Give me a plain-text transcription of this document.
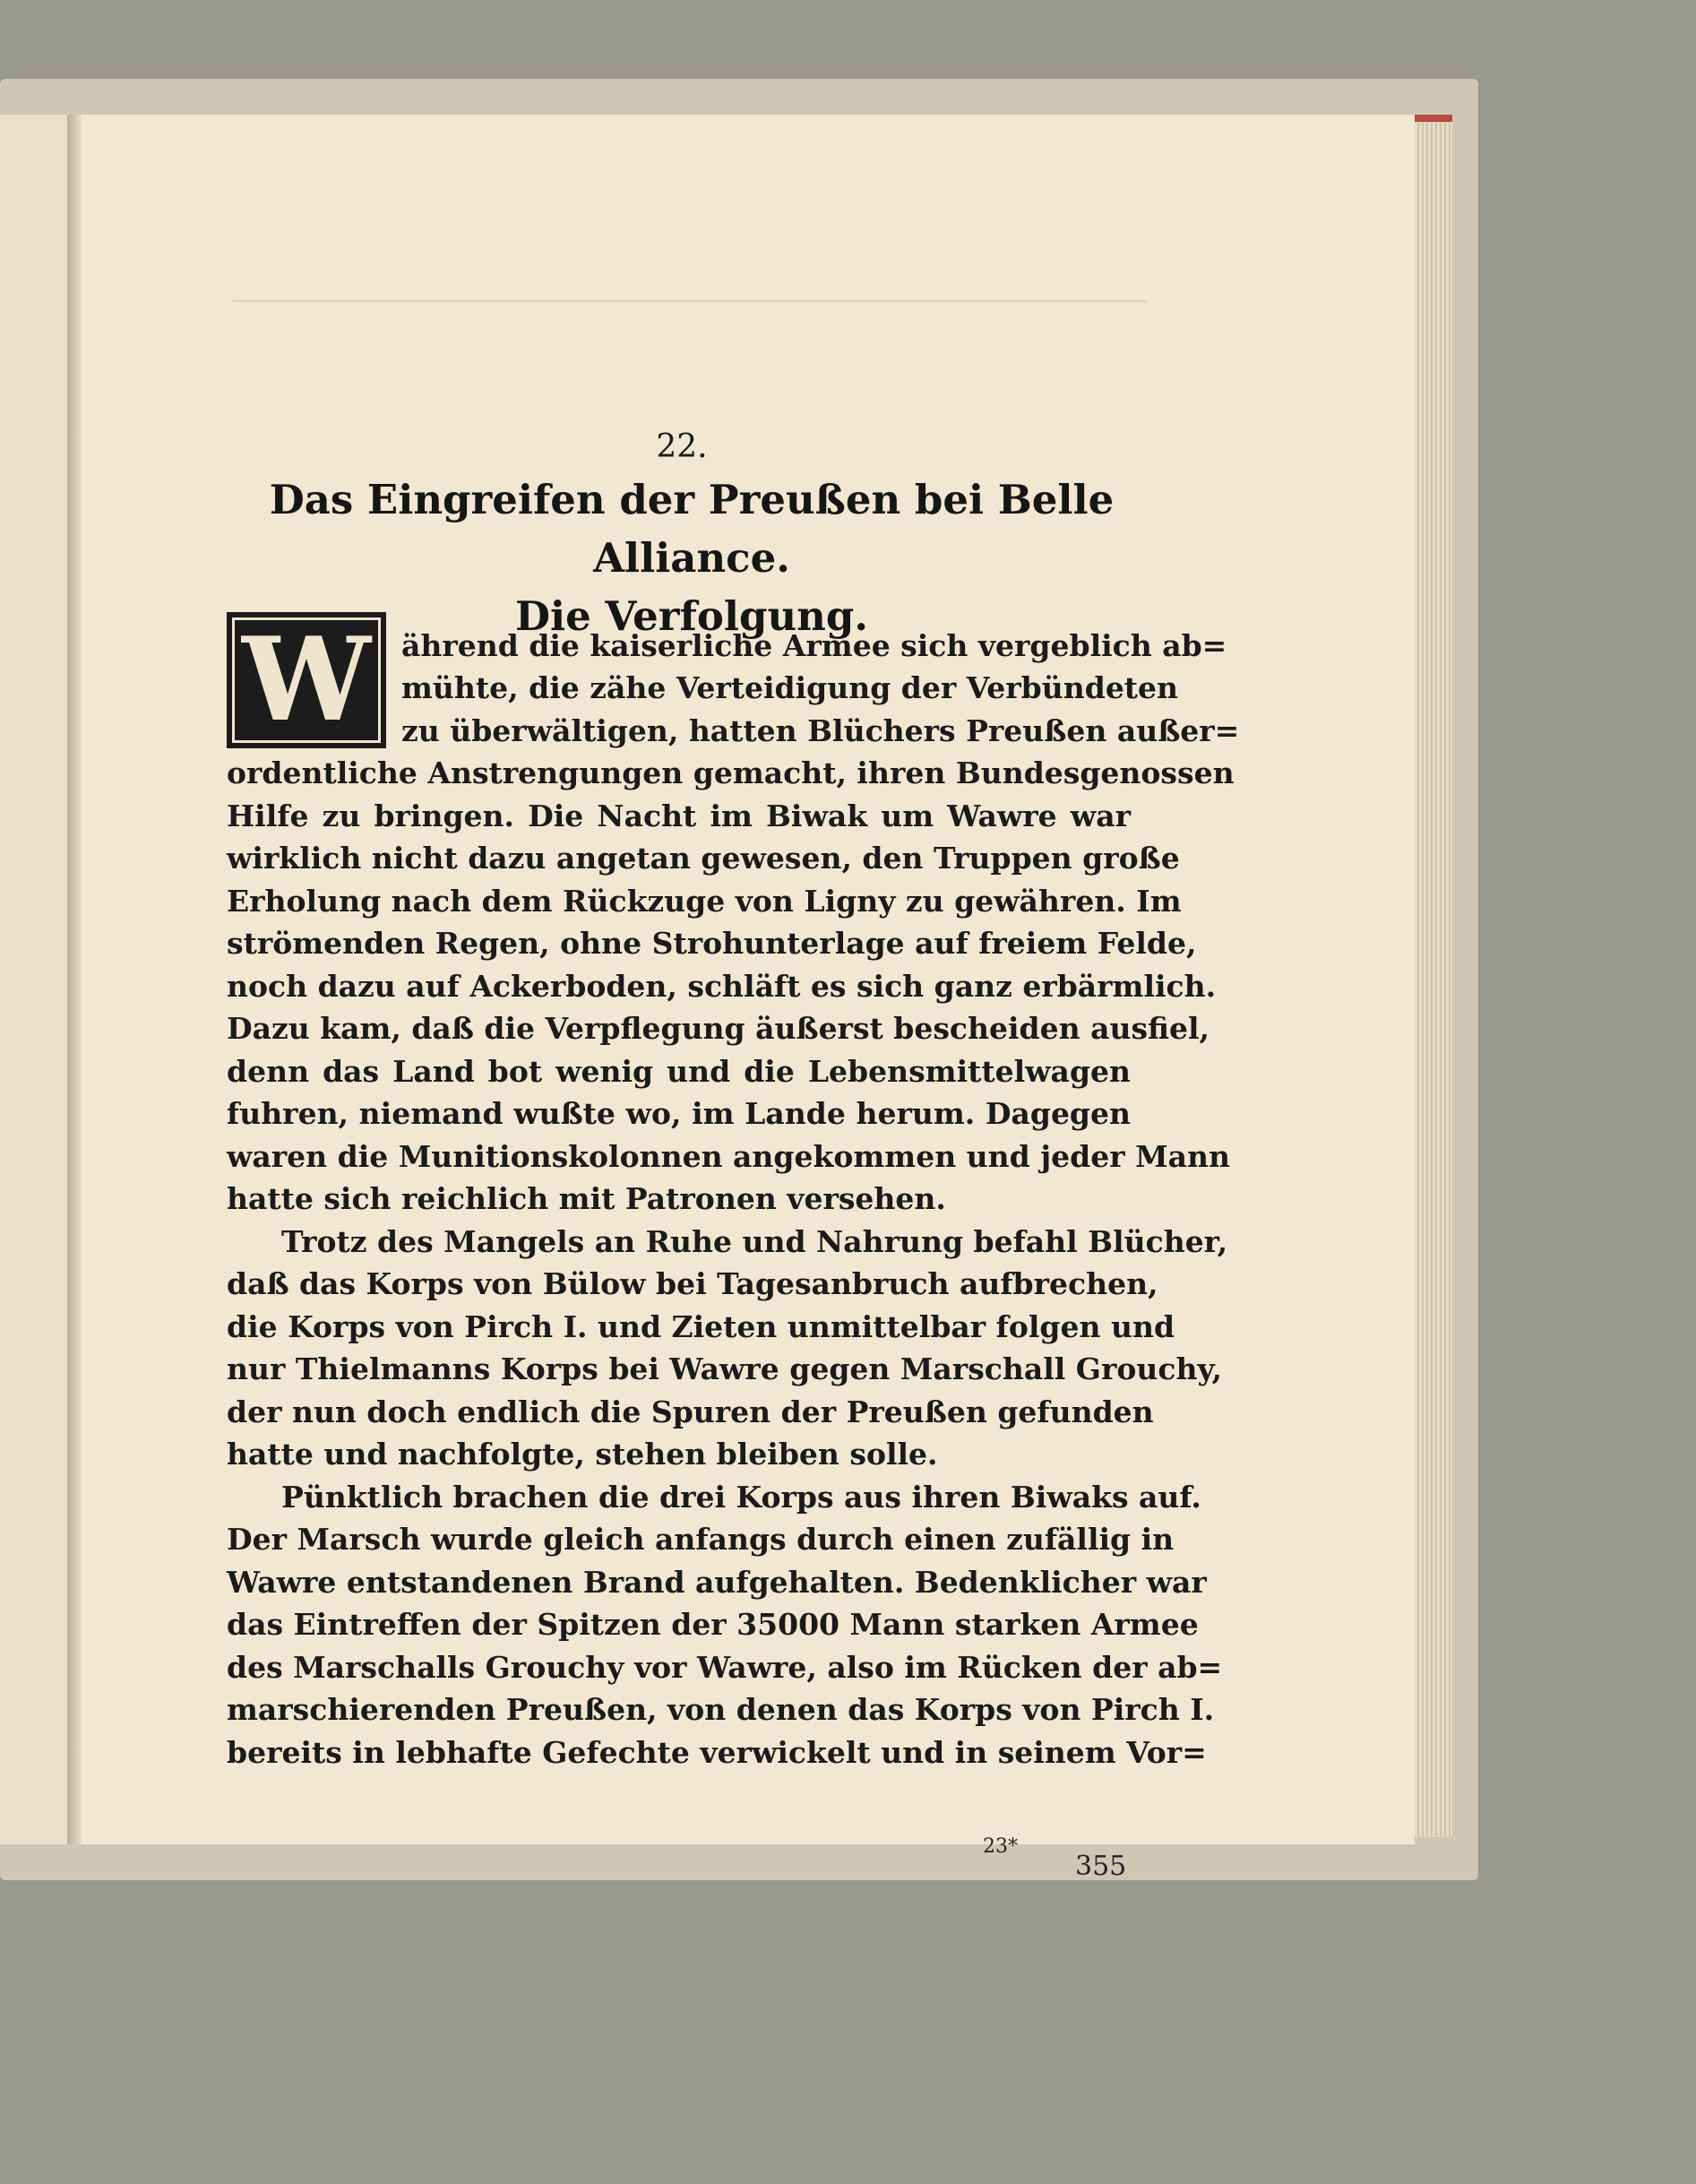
22.
Das Eingreifen der Preußen bei Belle Alliance.
Die Verfolgung.
W	ährend die kaiserliche Armee sich vergeblich ab=

mühte, die zähe Verteidigung der Verbündeten

zu überwältigen, hatten Blüchers Preußen außer=

ordentliche Anstrengungen gemacht, ihren Bundesgenossen

Hilfe zu bringen. Die Nacht im Biwak um Wawre war

wirklich nicht dazu angetan gewesen, den Truppen große

Erholung nach dem Rückzuge von Ligny zu gewähren. Im

strömenden Regen, ohne Strohunterlage auf freiem Felde,

noch dazu auf Ackerboden, schläft es sich ganz erbärmlich.

Dazu kam, daß die Verpflegung äußerst bescheiden ausfiel,

denn das Land bot wenig und die Lebensmittelwagen

fuhren, niemand wußte wo, im Lande herum. Dagegen

waren die Munitionskolonnen angekommen und jeder Mann

hatte sich reichlich mit Patronen versehen.

Trotz des Mangels an Ruhe und Nahrung befahl Blücher,

daß das Korps von Bülow bei Tagesanbruch aufbrechen,

die Korps von Pirch I. und Zieten unmittelbar folgen und

nur Thielmanns Korps bei Wawre gegen Marschall Grouchy,

der nun doch endlich die Spuren der Preußen gefunden

hatte und nachfolgte, stehen bleiben solle.

Pünktlich brachen die drei Korps aus ihren Biwaks auf.

Der Marsch wurde gleich anfangs durch einen zufällig in

Wawre entstandenen Brand aufgehalten. Bedenklicher war

das Eintreffen der Spitzen der 35000 Mann starken Armee

des Marschalls Grouchy vor Wawre, also im Rücken der ab=

marschierenden Preußen, von denen das Korps von Pirch I.

bereits in lebhafte Gefechte verwickelt und in seinem Vor=

23*
355
